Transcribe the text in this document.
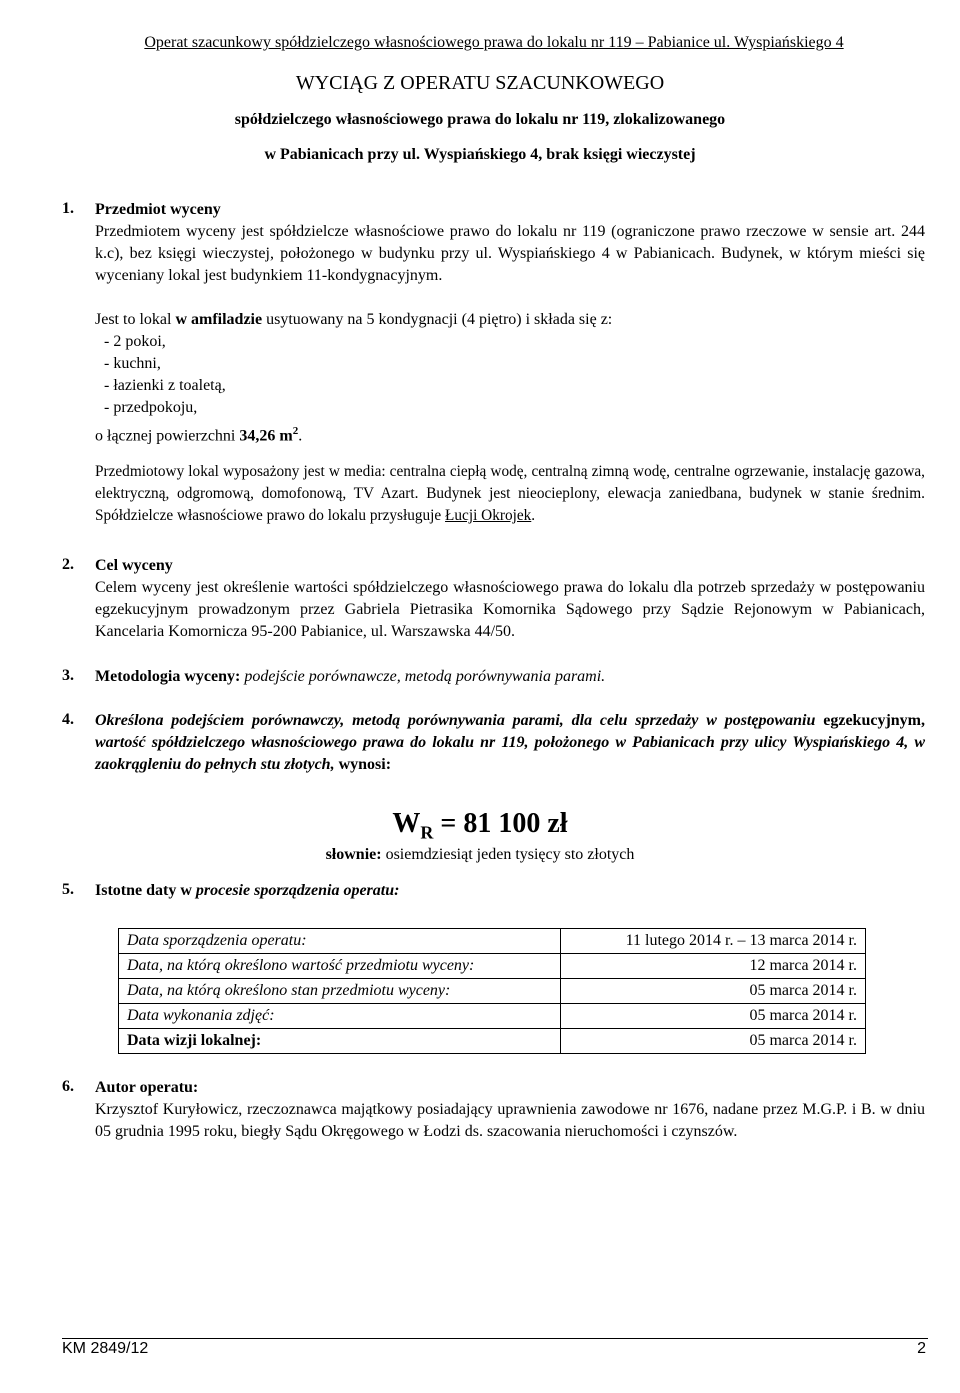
Operat szacunkowy spółdzielczego własnościowego prawa do lokalu nr 119 – Pabianice ul. Wyspiańskiego 4
WYCIĄG Z OPERATU SZACUNKOWEGO
spółdzielczego własnościowego prawa do lokalu nr 119, zlokalizowanego
w Pabianicach przy ul. Wyspiańskiego 4, brak księgi wieczystej
1. Przedmiot wyceny

Przedmiotem wyceny jest spółdzielcze własnościowe prawo do lokalu nr 119 (ograniczone prawo rzeczowe w sensie art. 244 k.c), bez księgi wieczystej, położonego w budynku przy ul. Wyspiańskiego 4 w Pabianicach. Budynek, w którym mieści się wyceniany lokal jest budynkiem 11-kondygnacyjnym.

Jest to lokal w amfiladzie usytuowany na 5 kondygnacji (4 piętro) i składa się z:
- 2 pokoi,
- kuchni,
- łazienki z toaletą,
- przedpokoju,
o łącznej powierzchni 34,26 $m^2$.

Przedmiotowy lokal wyposażony jest w media: centralna ciepłą wodę, centralną zimną wodę, centralne ogrzewanie, instalację gazowa, elektryczną, odgromową, domofonową, TV Azart. Budynek jest nieocieplony, elewacja zaniedbana, budynek w stanie średnim. Spółdzielcze własnościowe prawo do lokalu przysługuje Łucji Okrojek.

2. Cel wyceny

Celem wyceny jest określenie wartości spółdzielczego własnościowego prawa do lokalu dla potrzeb sprzedaży w postępowaniu egzekucyjnym prowadzonym przez Gabriela Pietrasika Komornika Sądowego przy Sądzie Rejonowym w Pabianicach, Kancelaria Komornicza 95-200 Pabianice, ul. Warszawska 44/50.

3. Metodologia wyceny: podejście porównawcze, metodą porównywania parami.
4. Określona podejściem porównawczy, metodą porównywania parami, dla celu sprzedaży w postępowaniu egzekucyjnym, wartość spółdzielczego własnościowego prawa do lokalu nr 119, położonego w Pabianicach przy ulicy Wyspiańskiego 4, w zaokrągleniu do pełnych stu złotych, wynosi:

$W_R = 81$ 100 zł
słownie: osiemdziesiąt jeden tysięcy sto złotych
5. Istotne daty w procesie sporządzenia operatu:
Data sporządzenia operatu:	11 lutego 2014 r. – 13 marca 2014 r.
Data, na którą określono wartość przedmiotu wyceny:	12 marca 2014 r.
Data, na którą określono stan przedmiotu wyceny:	05 marca 2014 r.
Data wykonania zdjęć:	05 marca 2014 r.
Data wizji lokalnej:	05 marca 2014 r.
6. Autor operatu:

Krzysztof Kuryłowicz, rzeczoznawca majątkowy posiadający uprawnienia zawodowe nr 1676, nadane przez M.G.P. i B. w dniu 05 grudnia 1995 roku, biegły Sądu Okręgowego w Łodzi ds. szacowania nieruchomości i czynszów.

KM 2849/12	2
